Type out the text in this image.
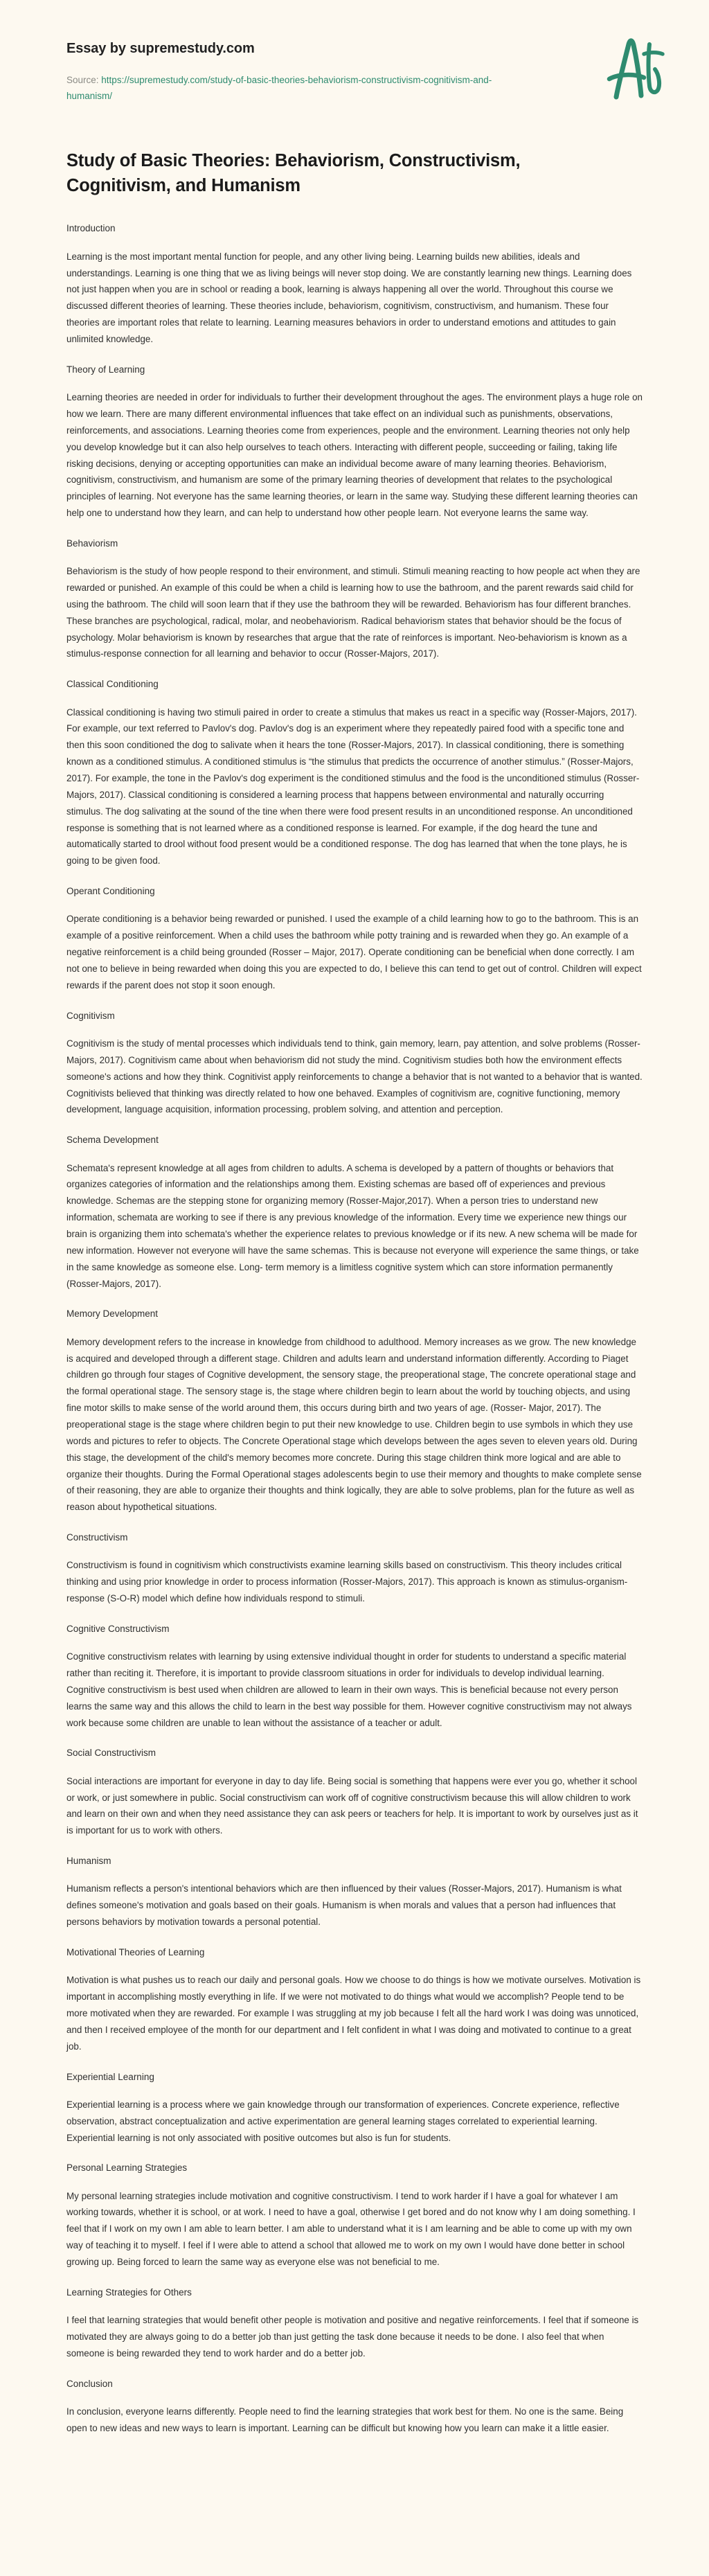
Essay by supremestudy.com

Source: https://supremestudy.com/study-of-basic-theories-behaviorism-constructivism-cognitivism-and-humanism/

Study of Basic Theories: Behaviorism, Constructivism, Cognitivism, and Humanism
Introduction

Learning is the most important mental function for people, and any other living being. Learning builds new abilities, ideals and understandings. Learning is one thing that we as living beings will never stop doing. We are constantly learning new things. Learning does not just happen when you are in school or reading a book, learning is always happening all over the world. Throughout this course we discussed different theories of learning. These theories include, behaviorism, cognitivism, constructivism, and humanism. These four theories are important roles that relate to learning. Learning measures behaviors in order to understand emotions and attitudes to gain unlimited knowledge.

Theory of Learning

Learning theories are needed in order for individuals to further their development throughout the ages. The environment plays a huge role on how we learn. There are many different environmental influences that take effect on an individual such as punishments, observations, reinforcements, and associations. Learning theories come from experiences, people and the environment. Learning theories not only help you develop knowledge but it can also help ourselves to teach others. Interacting with different people, succeeding or failing, taking life risking decisions, denying or accepting opportunities can make an individual become aware of many learning theories. Behaviorism, cognitivism, constructivism, and humanism are some of the primary learning theories of development that relates to the psychological principles of learning. Not everyone has the same learning theories, or learn in the same way. Studying these different learning theories can help one to understand how they learn, and can help to understand how other people learn. Not everyone learns the same way.

Behaviorism

Behaviorism is the study of how people respond to their environment, and stimuli. Stimuli meaning reacting to how people act when they are rewarded or punished. An example of this could be when a child is learning how to use the bathroom, and the parent rewards said child for using the bathroom. The child will soon learn that if they use the bathroom they will be rewarded. Behaviorism has four different branches. These branches are psychological, radical, molar, and neobehaviorism. Radical behaviorism states that behavior should be the focus of psychology. Molar behaviorism is known by researches that argue that the rate of reinforces is important. Neo-behaviorism is known as a stimulus-response connection for all learning and behavior to occur (Rosser-Majors, 2017).

Classical Conditioning

Classical conditioning is having two stimuli paired in order to create a stimulus that makes us react in a specific way (Rosser-Majors, 2017). For example, our text referred to Pavlov's dog. Pavlov's dog is an experiment where they repeatedly paired food with a specific tone and then this soon conditioned the dog to salivate when it hears the tone (Rosser-Majors, 2017). In classical conditioning, there is something known as a conditioned stimulus. A conditioned stimulus is “the stimulus that predicts the occurrence of another stimulus.” (Rosser-Majors, 2017). For example, the tone in the Pavlov's dog experiment is the conditioned stimulus and the food is the unconditioned stimulus (Rosser-Majors, 2017). Classical conditioning is considered a learning process that happens between environmental and naturally occurring stimulus. The dog salivating at the sound of the tine when there were food present results in an unconditioned response. An unconditioned response is something that is not learned where as a conditioned response is learned. For example, if the dog heard the tune and automatically started to drool without food present would be a conditioned response. The dog has learned that when the tone plays, he is going to be given food.

Operant Conditioning

Operate conditioning is a behavior being rewarded or punished. I used the example of a child learning how to go to the bathroom. This is an example of a positive reinforcement. When a child uses the bathroom while potty training and is rewarded when they go. An example of a negative reinforcement is a child being grounded (Rosser – Major, 2017). Operate conditioning can be beneficial when done correctly. I am not one to believe in being rewarded when doing this you are expected to do, I believe this can tend to get out of control. Children will expect rewards if the parent does not stop it soon enough.

Cognitivism

Cognitivism is the study of mental processes which individuals tend to think, gain memory, learn, pay attention, and solve problems (Rosser-Majors, 2017). Cognitivism came about when behaviorism did not study the mind. Cognitivism studies both how the environment effects someone's actions and how they think. Cognitivist apply reinforcements to change a behavior that is not wanted to a behavior that is wanted. Cognitivists believed that thinking was directly related to how one behaved. Examples of cognitivism are, cognitive functioning, memory development, language acquisition, information processing, problem solving, and attention and perception.

Schema Development

Schemata's represent knowledge at all ages from children to adults. A schema is developed by a pattern of thoughts or behaviors that organizes categories of information and the relationships among them. Existing schemas are based off of experiences and previous knowledge. Schemas are the stepping stone for organizing memory (Rosser-Major,2017). When a person tries to understand new information, schemata are working to see if there is any previous knowledge of the information. Every time we experience new things our brain is organizing them into schemata's whether the experience relates to previous knowledge or if its new. A new schema will be made for new information. However not everyone will have the same schemas. This is because not everyone will experience the same things, or take in the same knowledge as someone else. Long- term memory is a limitless cognitive system which can store information permanently (Rosser-Majors, 2017).

Memory Development

Memory development refers to the increase in knowledge from childhood to adulthood. Memory increases as we grow. The new knowledge is acquired and developed through a different stage. Children and adults learn and understand information differently. According to Piaget children go through four stages of Cognitive development, the sensory stage, the preoperational stage, The concrete operational stage and the formal operational stage. The sensory stage is, the stage where children begin to learn about the world by touching objects, and using fine motor skills to make sense of the world around them, this occurs during birth and two years of age. (Rosser- Major, 2017). The preoperational stage is the stage where children begin to put their new knowledge to use. Children begin to use symbols in which they use words and pictures to refer to objects. The Concrete Operational stage which develops between the ages seven to eleven years old. During this stage, the development of the child's memory becomes more concrete. During this stage children think more logical and are able to organize their thoughts. During the Formal Operational stages adolescents begin to use their memory and thoughts to make complete sense of their reasoning, they are able to organize their thoughts and think logically, they are able to solve problems, plan for the future as well as reason about hypothetical situations.

Constructivism

Constructivism is found in cognitivism which constructivists examine learning skills based on constructivism. This theory includes critical thinking and using prior knowledge in order to process information (Rosser-Majors, 2017). This approach is known as stimulus-organism-response (S-O-R) model which define how individuals respond to stimuli.

Cognitive Constructivism

Cognitive constructivism relates with learning by using extensive individual thought in order for students to understand a specific material rather than reciting it. Therefore, it is important to provide classroom situations in order for individuals to develop individual learning. Cognitive constructivism is best used when children are allowed to learn in their own ways. This is beneficial because not every person learns the same way and this allows the child to learn in the best way possible for them. However cognitive constructivism may not always work because some children are unable to lean without the assistance of a teacher or adult.

Social Constructivism

Social interactions are important for everyone in day to day life. Being social is something that happens were ever you go, whether it school or work, or just somewhere in public. Social constructivism can work off of cognitive constructivism because this will allow children to work and learn on their own and when they need assistance they can ask peers or teachers for help. It is important to work by ourselves just as it is important for us to work with others.

Humanism

Humanism reflects a person's intentional behaviors which are then influenced by their values (Rosser-Majors, 2017). Humanism is what defines someone's motivation and goals based on their goals. Humanism is when morals and values that a person had influences that persons behaviors by motivation towards a personal potential.

Motivational Theories of Learning

Motivation is what pushes us to reach our daily and personal goals. How we choose to do things is how we motivate ourselves. Motivation is important in accomplishing mostly everything in life. If we were not motivated to do things what would we accomplish? People tend to be more motivated when they are rewarded. For example I was struggling at my job because I felt all the hard work I was doing was unnoticed, and then I received employee of the month for our department and I felt confident in what I was doing and motivated to continue to a great job.

Experiential Learning

Experiential learning is a process where we gain knowledge through our transformation of experiences. Concrete experience, reflective observation, abstract conceptualization and active experimentation are general learning stages correlated to experiential learning. Experiential learning is not only associated with positive outcomes but also is fun for students.

Personal Learning Strategies

My personal learning strategies include motivation and cognitive constructivism. I tend to work harder if I have a goal for whatever I am working towards, whether it is school, or at work. I need to have a goal, otherwise I get bored and do not know why I am doing something. I feel that if I work on my own I am able to learn better. I am able to understand what it is I am learning and be able to come up with my own way of teaching it to myself. I feel if I were able to attend a school that allowed me to work on my own I would have done better in school growing up. Being forced to learn the same way as everyone else was not beneficial to me.

Learning Strategies for Others

I feel that learning strategies that would benefit other people is motivation and positive and negative reinforcements. I feel that if someone is motivated they are always going to do a better job than just getting the task done because it needs to be done. I also feel that when someone is being rewarded they tend to work harder and do a better job.

Conclusion

In conclusion, everyone learns differently. People need to find the learning strategies that work best for them. No one is the same. Being open to new ideas and new ways to learn is important. Learning can be difficult but knowing how you learn can make it a little easier.
